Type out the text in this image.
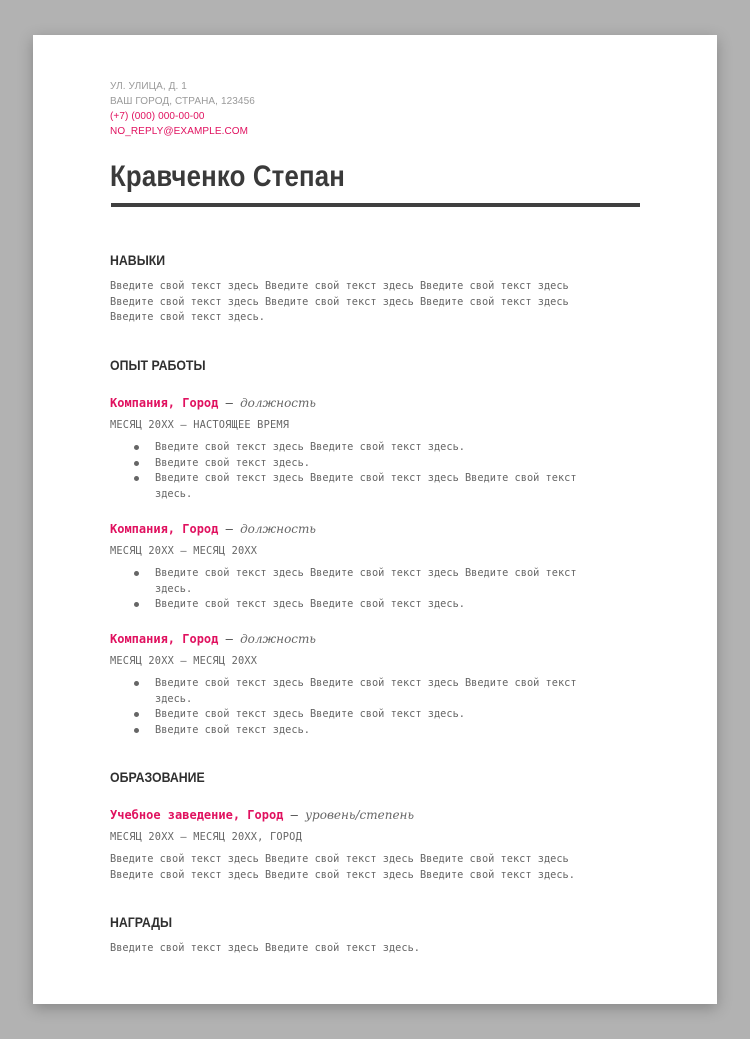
УЛ. УЛИЦА, Д. 1

ВАШ ГОРОД, СТРАНА, 123456

(+7) (000) 000-00-00

NO_REPLY@EXAMPLE.COM

Кравченко Степан
НАВЫКИ
Введите свой текст здесь Введите свой текст здесь Введите свой текст здесь
Введите свой текст здесь Введите свой текст здесь Введите свой текст здесь
Введите свой текст здесь.
ОПЫТ РАБОТЫ
Компания, Город – должность
МЕСЯЦ 20XX – НАСТОЯЩЕЕ ВРЕМЯ
Введите свой текст здесь Введите свой текст здесь.
Введите свой текст здесь.
Введите свой текст здесь Введите свой текст здесь Введите свой текст здесь.
Компания, Город – должность
МЕСЯЦ 20XX – МЕСЯЦ 20XX
Введите свой текст здесь Введите свой текст здесь Введите свой текст здесь.
Введите свой текст здесь Введите свой текст здесь.
Компания, Город – должность
МЕСЯЦ 20XX – МЕСЯЦ 20XX
Введите свой текст здесь Введите свой текст здесь Введите свой текст здесь.
Введите свой текст здесь Введите свой текст здесь.
Введите свой текст здесь.
ОБРАЗОВАНИЕ
Учебное заведение, Город – уровень/степень
МЕСЯЦ 20XX – МЕСЯЦ 20XX, ГОРОД
Введите свой текст здесь Введите свой текст здесь Введите свой текст здесь
Введите свой текст здесь Введите свой текст здесь Введите свой текст здесь.
НАГРАДЫ
Введите свой текст здесь Введите свой текст здесь.
